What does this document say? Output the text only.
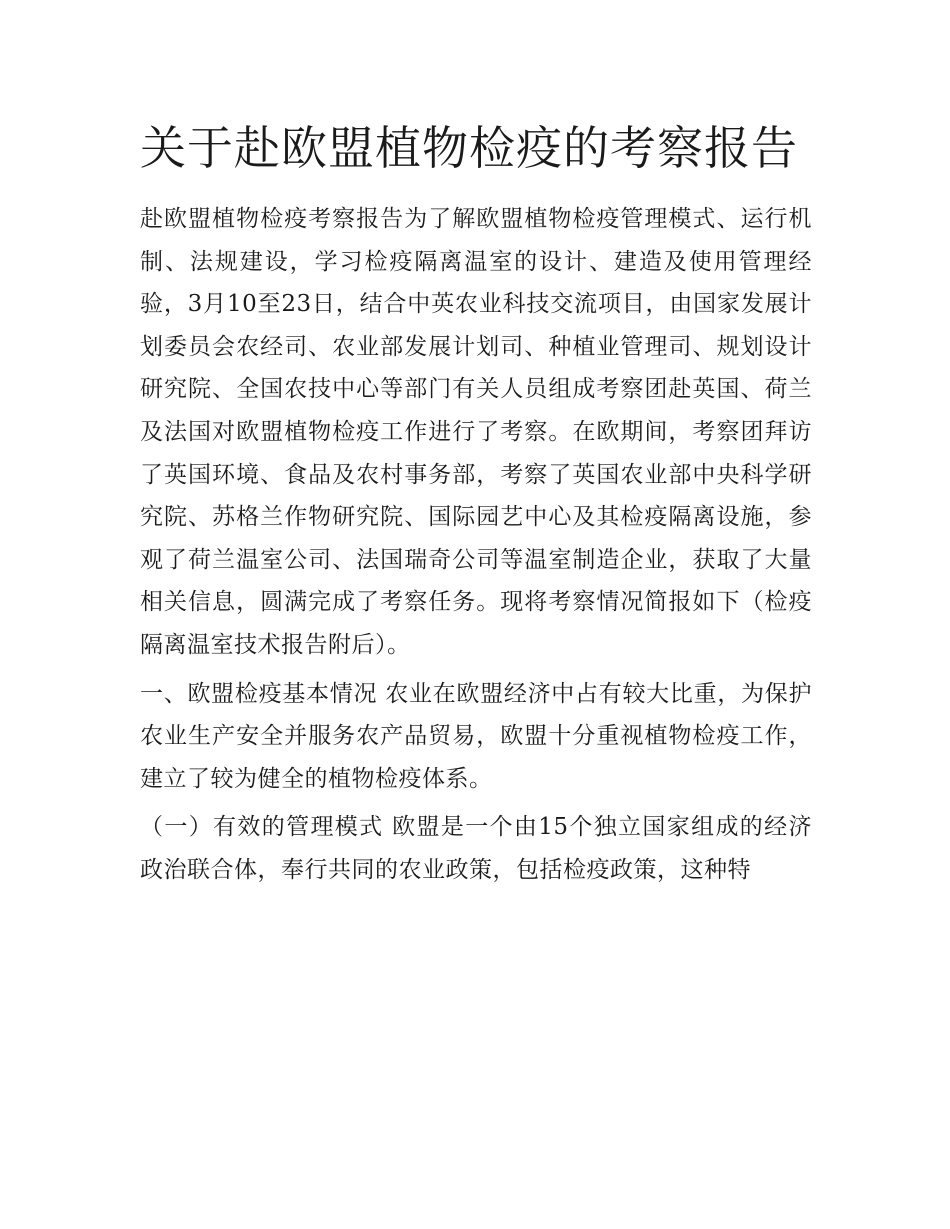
关于赴欧盟植物检疫的考察报告

赴欧盟植物检疫考察报告为了解欧盟植物检疫管理模式、运行机制、法规建设，学习检疫隔离温室的设计、建造及使用管理经验，3月10至23日，结合中英农业科技交流项目，由国家发展计划委员会农经司、农业部发展计划司、种植业管理司、规划设计研究院、全国农技中心等部门有关人员组成考察团赴英国、荷兰及法国对欧盟植物检疫工作进行了考察。在欧期间，考察团拜访了英国环境、食品及农村事务部，考察了英国农业部中央科学研究院、苏格兰作物研究院、国际园艺中心及其检疫隔离设施，参观了荷兰温室公司、法国瑞奇公司等温室制造企业，获取了大量相关信息，圆满完成了考察任务。现将考察情况简报如下（检疫隔离温室技术报告附后）。

一、欧盟检疫基本情况 农业在欧盟经济中占有较大比重，为保护农业生产安全并服务农产品贸易，欧盟十分重视植物检疫工作，建立了较为健全的植物检疫体系。

（一）有效的管理模式 欧盟是一个由15个独立国家组成的经济政治联合体，奉行共同的农业政策，包括检疫政策，这种特
